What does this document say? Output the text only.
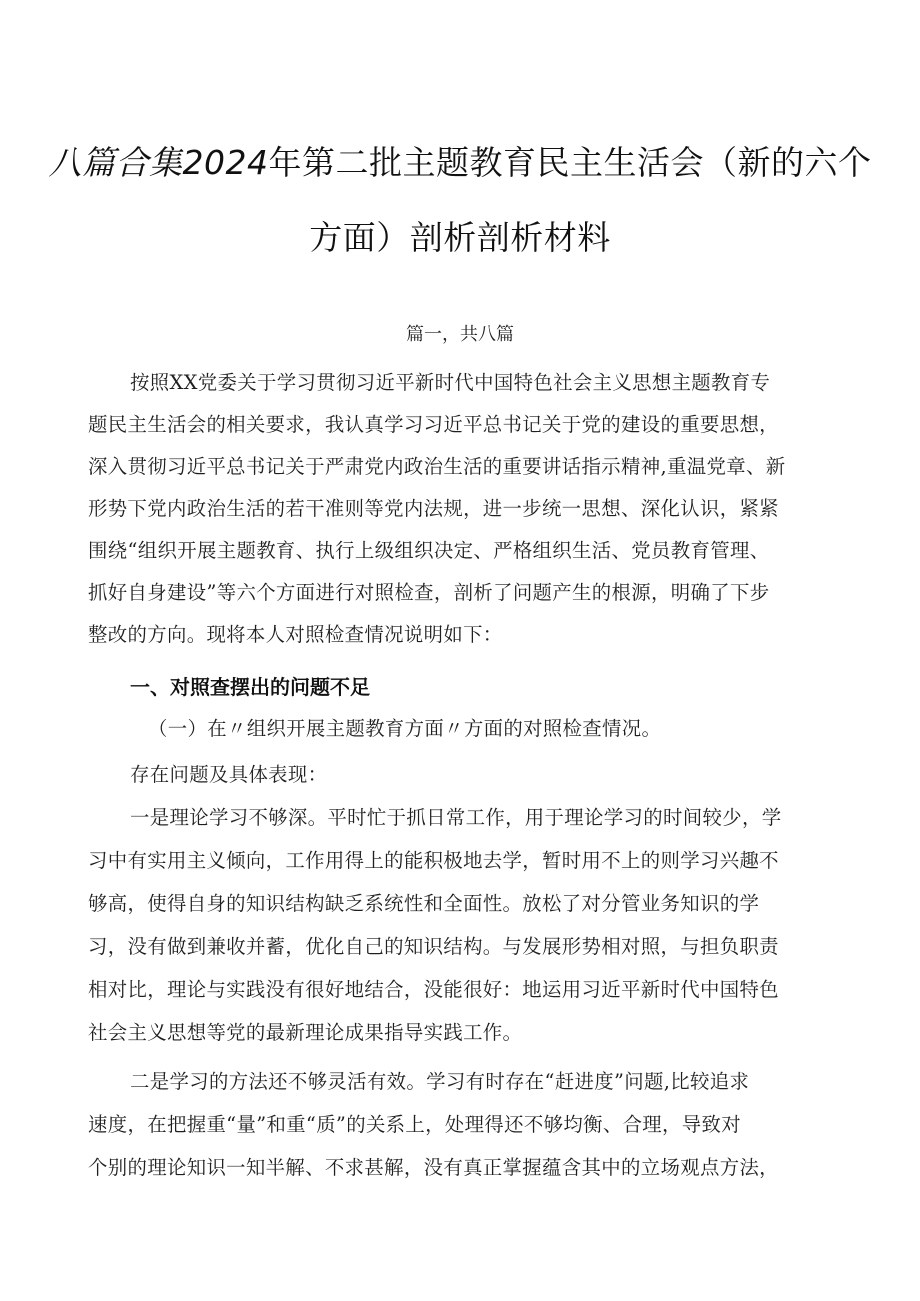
八篇合集2024年第二批主题教育民主生活会（新的六个
方面）剖析剖析材料
篇一，共八篇
按照XX党委关于学习贯彻习近平新时代中国特色社会主义思想主题教育专
题民主生活会的相关要求，我认真学习习近平总书记关于党的建设的重要思想，
深入贯彻习近平总书记关于严肃党内政治生活的重要讲话指示精神,重温党章、新
形势下党内政治生活的若干准则等党内法规，进一步统一思想、深化认识，紧紧
围绕“组织开展主题教育、执行上级组织决定、严格组织生活、党员教育管理、
抓好自身建设”等六个方面进行对照检查，剖析了问题产生的根源，明确了下步
整改的方向。现将本人对照检查情况说明如下：
一、对照查摆出的问题不足
（一）在〃组织开展主题教育方面〃方面的对照检查情况。
存在问题及具体表现：
一是理论学习不够深。平时忙于抓日常工作，用于理论学习的时间较少，学
习中有实用主义倾向，工作用得上的能积极地去学，暂时用不上的则学习兴趣不
够高，使得自身的知识结构缺乏系统性和全面性。放松了对分管业务知识的学
习，没有做到兼收并蓄，优化自己的知识结构。与发展形势相对照，与担负职责
相对比，理论与实践没有很好地结合，没能很好：地运用习近平新时代中国特色
社会主义思想等党的最新理论成果指导实践工作。
二是学习的方法还不够灵活有效。学习有时存在“赶进度”问题,比较追求
速度，在把握重“量”和重“质”的关系上，处理得还不够均衡、合理，导致对
个别的理论知识一知半解、不求甚解，没有真正掌握蕴含其中的立场观点方法，
